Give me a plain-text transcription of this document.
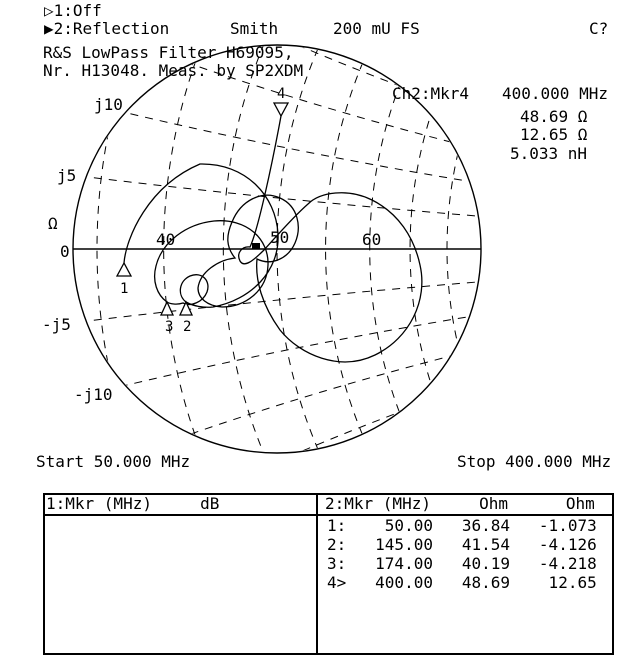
▷1:Off
▶2:Reflection	Smith	200 mU FS	C?
R&S LowPass Filter H69095,
Nr. H13048. Meas. by SP2XDM
Ch2:Mkr4 400.000 MHz
48.69 Ω
12.65 Ω
5.033 nH
j10
j5
Ω
0
-j5
-j10
40	50	60
1
2
3
4
Start 50.000 MHz	Stop 400.000 MHz
1:Mkr (MHz)     dB	2:Mkr (MHz)     Ohm      Ohm
1:    50.00   36.84   -1.073
2:   145.00   41.54   -4.126
3:   174.00   40.19   -4.218
4>   400.00   48.69    12.65
